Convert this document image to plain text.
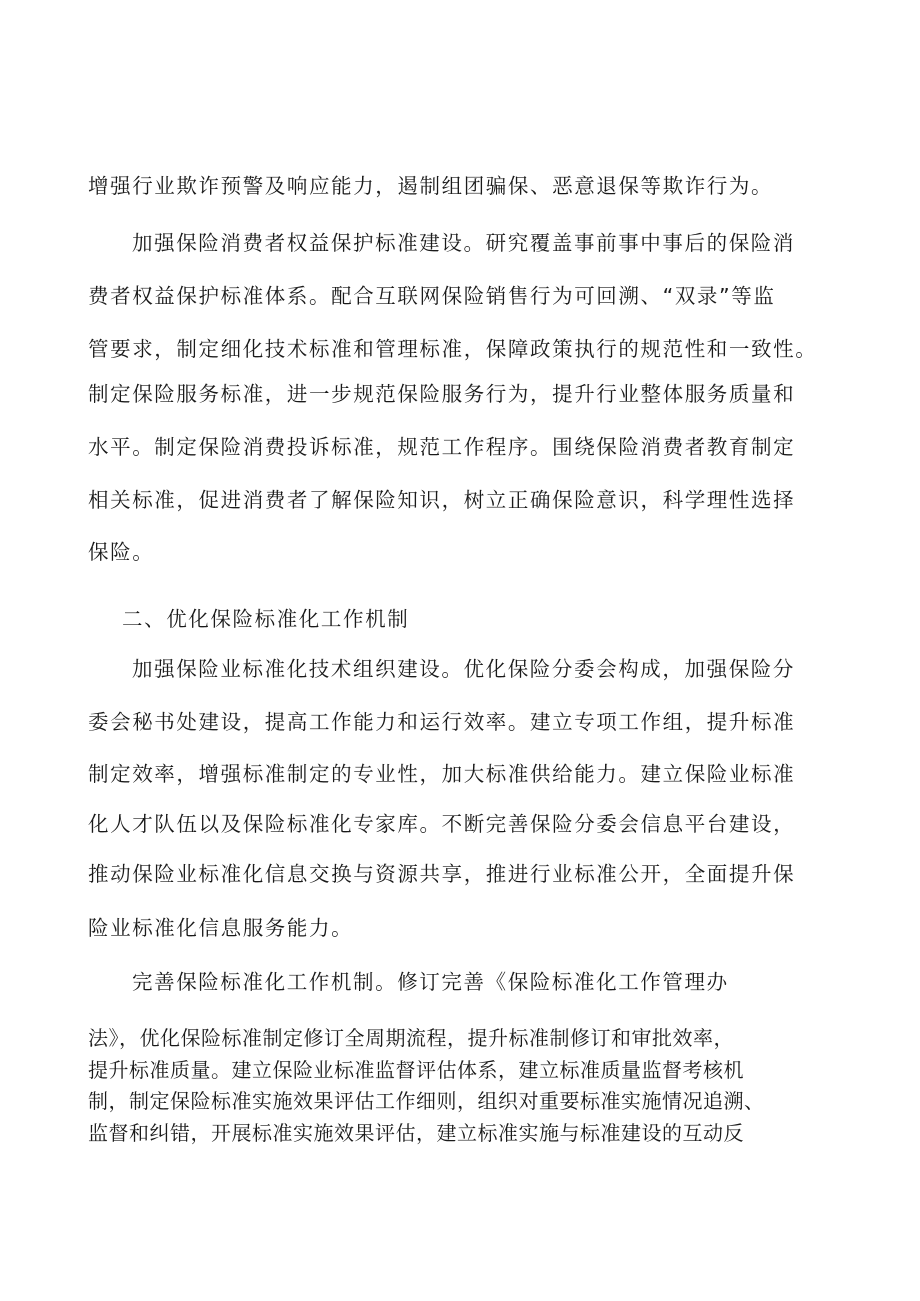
增强行业欺诈预警及响应能力，遏制组团骗保、恶意退保等欺诈行为。
加强保险消费者权益保护标准建设。研究覆盖事前事中事后的保险消
费者权益保护标准体系。配合互联网保险销售行为可回溯、“双录”等监
管要求，制定细化技术标准和管理标准，保障政策执行的规范性和一致性。
制定保险服务标准，进一步规范保险服务行为，提升行业整体服务质量和
水平。制定保险消费投诉标准，规范工作程序。围绕保险消费者教育制定
相关标准，促进消费者了解保险知识，树立正确保险意识，科学理性选择
保险。
二、优化保险标准化工作机制
加强保险业标准化技术组织建设。优化保险分委会构成，加强保险分
委会秘书处建设，提高工作能力和运行效率。建立专项工作组，提升标准
制定效率，增强标准制定的专业性，加大标准供给能力。建立保险业标准
化人才队伍以及保险标准化专家库。不断完善保险分委会信息平台建设，
推动保险业标准化信息交换与资源共享，推进行业标准公开，全面提升保
险业标准化信息服务能力。
完善保险标准化工作机制。修订完善《保险标准化工作管理办
法》，优化保险标准制定修订全周期流程，提升标准制修订和审批效率，
提升标准质量。建立保险业标准监督评估体系，建立标准质量监督考核机
制，制定保险标准实施效果评估工作细则，组织对重要标准实施情况追溯、
监督和纠错，开展标准实施效果评估，建立标准实施与标准建设的互动反
